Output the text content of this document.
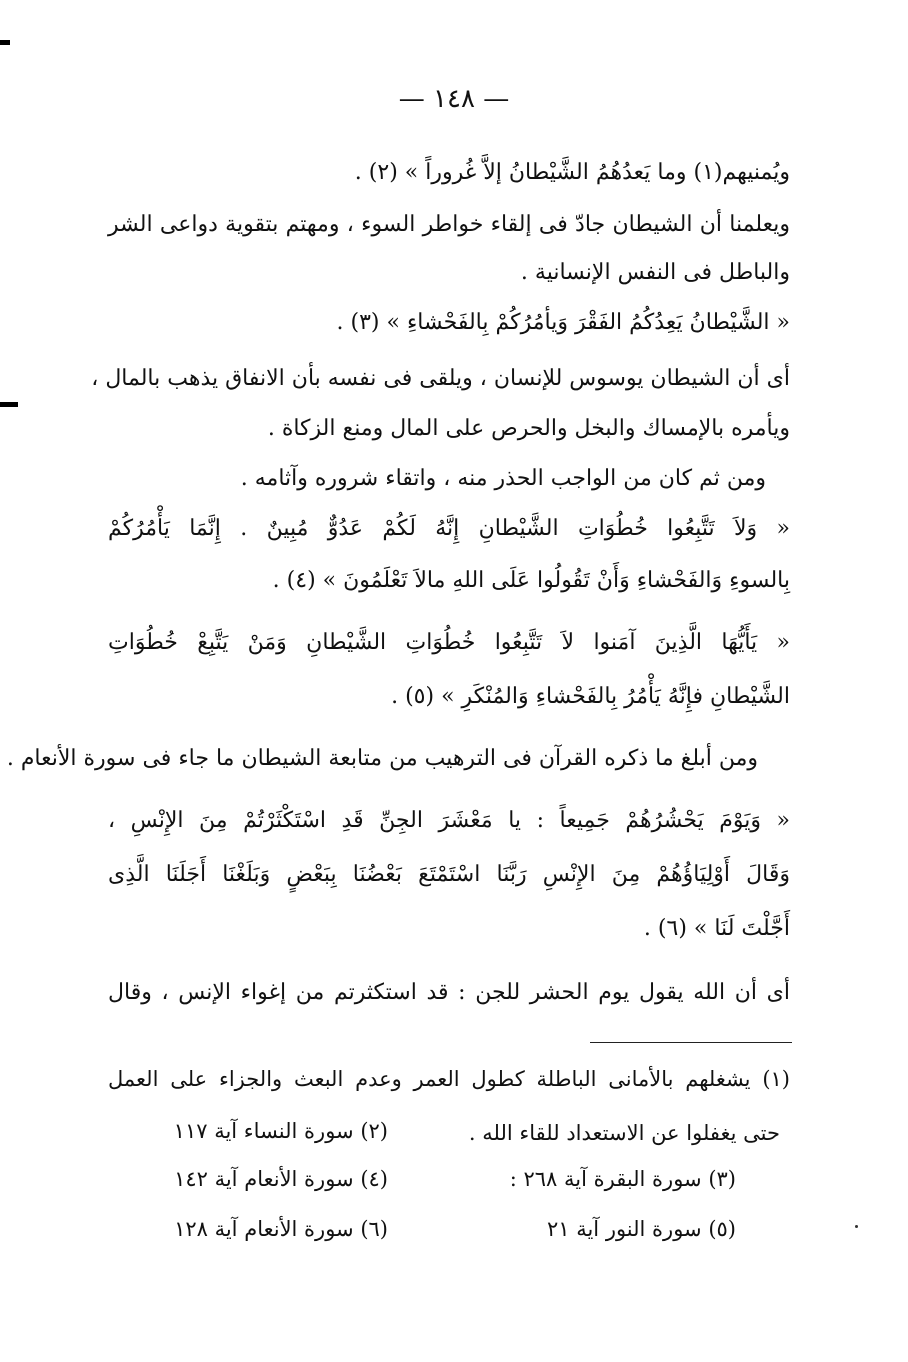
— ١٤٨ —
ويُمنيهم(١) وما يَعدُهُمُ الشَّيْطانُ إلاَّ غُروراً » (٢) .
ويعلمنا أن الشيطان جادّ فى إلقاء خواطر السوء ، ومهتم بتقوية دواعى الشر
والباطل فى النفس الإنسانية .
« الشَّيْطانُ يَعِدُكُمُ الفَقْرَ وَيأمُرُكُمْ بِالفَحْشاءِ » (٣) .
أى أن الشيطان يوسوس للإنسان ، ويلقى فى نفسه بأن الانفاق يذهب بالمال ،
ويأمره بالإمساك والبخل والحرص على المال ومنع الزكاة .
ومن ثم كان من الواجب الحذر منه ، واتقاء شروره وآثامه .
« وَلاَ تَتَّبِعُوا خُطُوَاتِ الشَّيْطانِ إِنَّهُ لَكُمْ عَدُوٌّ مُبِينٌ . إِنَّمَا يَأْمُرُكُمْ
بِالسوءِ وَالفَحْشاءِ وَأَنْ تَقُولُوا عَلَى اللهِ مالاَ تَعْلَمُونَ » (٤) .
« يَأَيُّهَا الَّذِينَ آمَنوا لاَ تَتَّبِعُوا خُطُوَاتِ الشَّيْطانِ وَمَنْ يَتَّبِعْ خُطُوَاتِ
الشَّيْطانِ فإِنَّهُ يَأْمُرُ بِالفَحْشاءِ وَالمُنْكَرِ » (٥) .
ومن أبلغ ما ذكره القرآن فى الترهيب من متابعة الشيطان ما جاء فى سورة الأنعام .
« وَيَوْمَ يَحْشُرُهُمْ جَمِيعاً : يا مَعْشَرَ الجِنِّ قَدِ اسْتَكْثَرْتُمْ مِنَ الإِنْسِ ،
وَقَالَ أَوْلِيَاؤُهُمْ مِنَ الإِنْسِ رَبَّنَا اسْتَمْتَعَ بَعْضُنَا بِبَعْضٍ وَبَلَغْنَا أَجَلَنَا الَّذِى
أَجَّلْتَ لَنَا » (٦) .
أى أن الله يقول يوم الحشر للجن : قد استكثرتم من إغواء الإنس ، وقال
(١) يشغلهم بالأمانى الباطلة كطول العمر وعدم البعث والجزاء على العمل
حتى يغفلوا عن الاستعداد للقاء الله .
(٢) سورة النساء آية ١١٧
(٣) سورة البقرة آية ٢٦٨ :
(٤) سورة الأنعام آية ١٤٢
(٥) سورة النور آية ٢١
(٦) سورة الأنعام آية ١٢٨
